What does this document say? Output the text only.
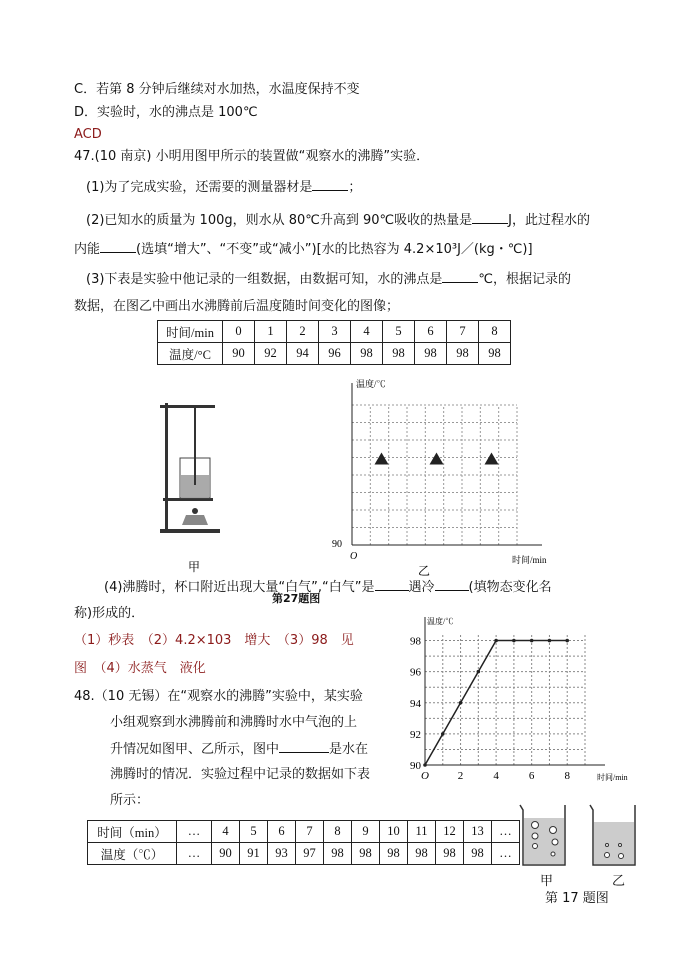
C．若第 8 分钟后继续对水加热，水温度保持不变
D．实验时，水的沸点是 100℃
ACD
47.(10 南京) 小明用图甲所示的装置做“观察水的沸腾”实验．
(1)为了完成实验，还需要的测量器材是	；
(2)已知水的质量为 100g，则水从 80℃升高到 90℃吸收的热量是	J，此过程水的
内能	(选填“增大”、“不变”或“减小”)[水的比热容为 4.2×10³J／(kg・℃)]
(3)下表是实验中他记录的一组数据，由数据可知，水的沸点是	℃，根据记录的
数据，在图乙中画出水沸腾前后温度随时间变化的图像；
时间/min	0	1	2	3	4	5	6	7	8
温度/°C	90	92	94	96	98	98	98	98	98
甲
温度/℃
90
O	时间/min
乙
(4)沸腾时，杯口附近出现大量“白气”,“白气”是	遇冷	(填物态变化名
第27题图
称)形成的．
（1）秒表　（2）4.2×103　增大　（3）98　见
图　（4）水蒸气　液化
48.（10 无锡）在“观察水的沸腾”实验中，某实验
小组观察到水沸腾前和沸腾时水中气泡的上
升情况如图甲、乙所示，图中	是水在
沸腾时的情况．实验过程中记录的数据如下表
所示：
温度/℃
90
92
94
96
98
O	2	4	6	8	时间/min
时间（min）	…	4	5	6	7	8	9	10	11	12	13	…
温度（℃）	…	90	91	93	97	98	98	98	98	98	98	…
甲	乙
第 17 题图
